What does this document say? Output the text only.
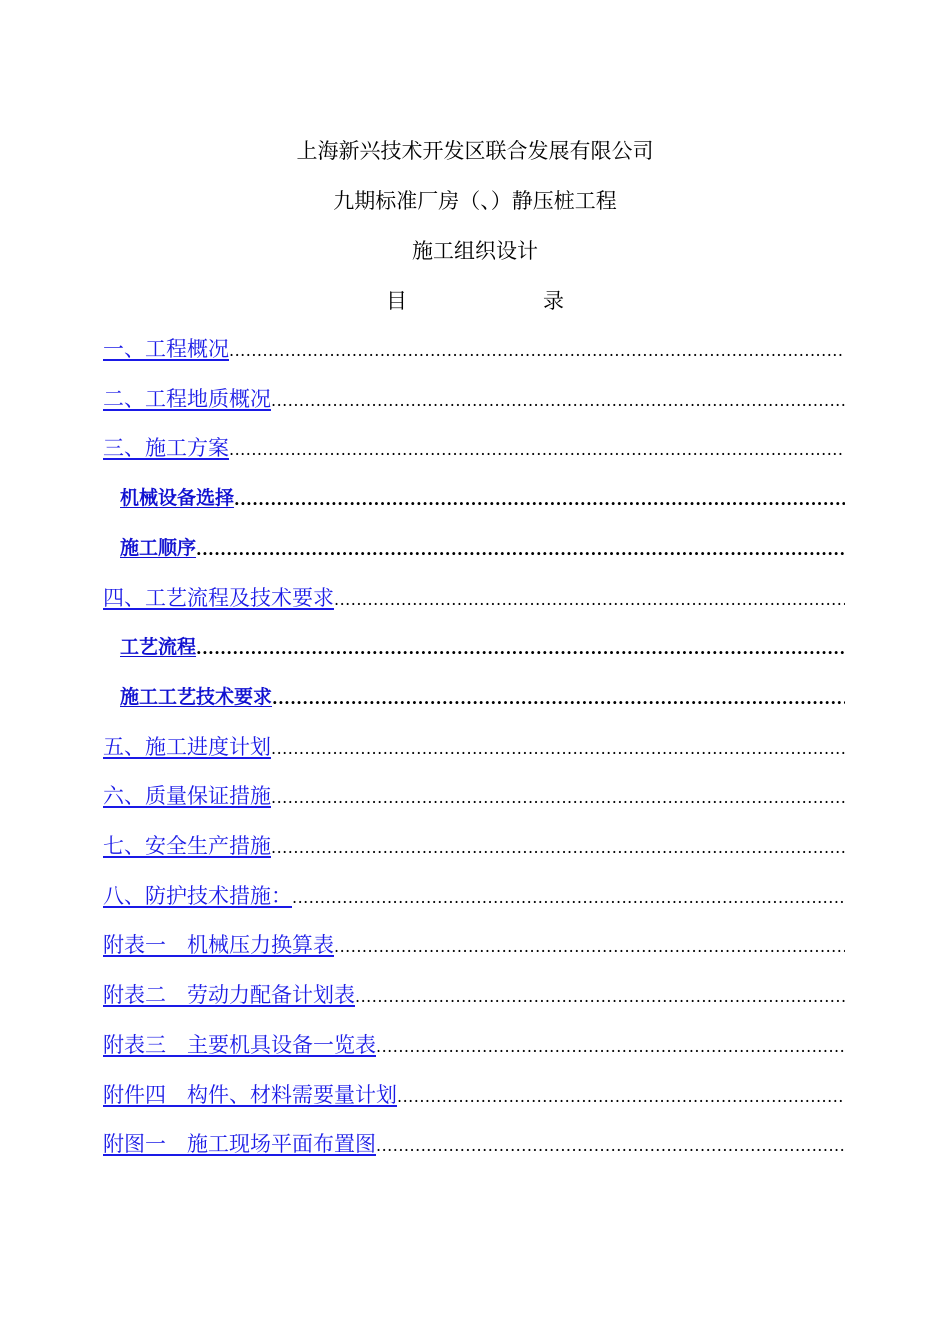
上海新兴技术开发区联合发展有限公司
九期标准厂房（、）静压桩工程
施工组织设计
目	录
一、工程概况
.....
二、工程地质概况
.....
三、施工方案
.....
机械设备选择
.....
施工顺序
.....
四、工艺流程及技术要求
.....
工艺流程
.....
施工工艺技术要求
.....
五、施工进度计划
.....
六、质量保证措施
.....
七、安全生产措施
.....
八、防护技术措施：
.....
附表一　机械压力换算表
.....
附表二　劳动力配备计划表
.....
附表三　主要机具设备一览表
.....
附件四　构件、材料需要量计划
.....
附图一　施工现场平面布置图
.....
